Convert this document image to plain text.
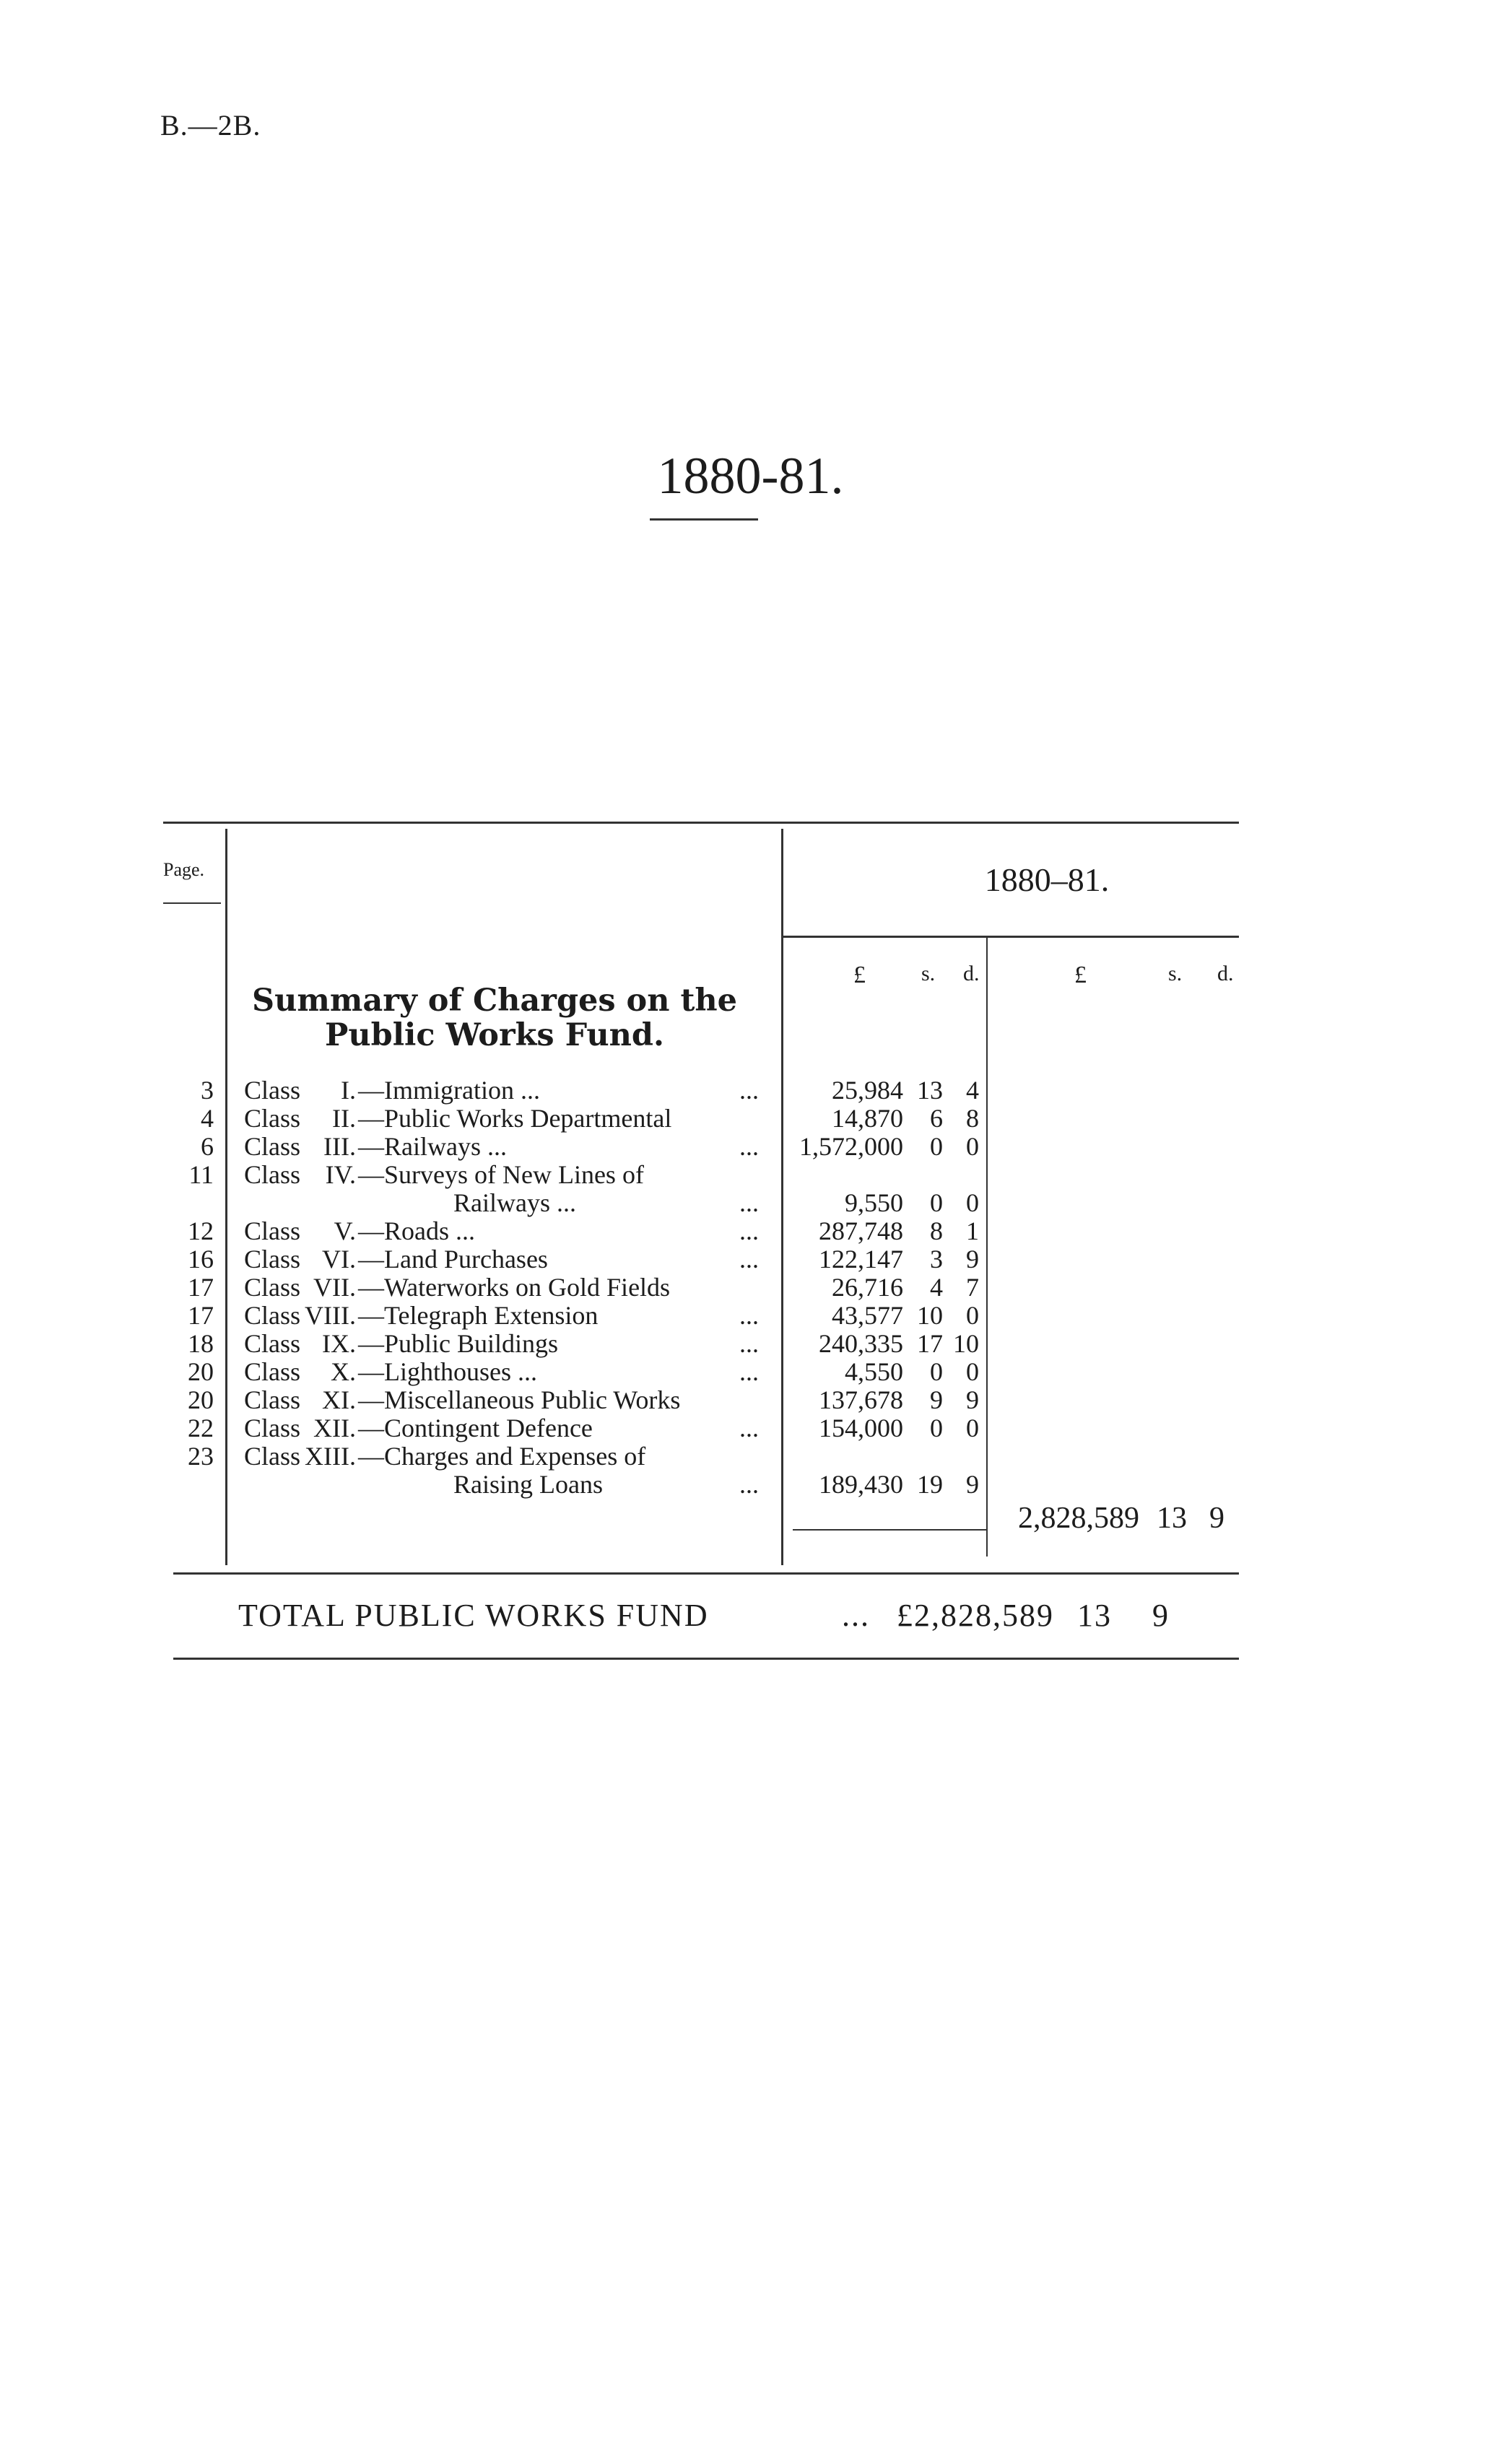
B.—2B.
1880-81.
Page.	1880–81.
£	s. d.	£	s. d.
Summary of Charges on the
Public Works Fund.
3 Class	I. —Immigration ...	...	25,984 13 4
4 Class	II. —Public Works Departmental	14,870	6 8
6 Class III. —Railways ...	...	1,572,000	0 0
11 Class IV. —Surveys of New Lines of
Railways ...	...	9,550	0 0
12 Class	V. —Roads ...	...	287,748	8 1
16 Class VI. —Land Purchases	...	122,147	3 9
17 Class VII. —Waterworks on Gold Fields	26,716	4 7
17 Class VIII. —Telegraph Extension	...	43,577 10 0
18 Class IX. —Public Buildings	...	240,335 17 10
20 Class	X. —Lighthouses ...	...	4,550	0 0
20 Class XI. —Miscellaneous Public Works	137,678	9 9
22 Class XII. —Contingent Defence	...	154,000	0 0
23 Class XIII. —Charges and Expenses of
Raising Loans	...	189,430 19 9
2,828,589 13 9
TOTAL PUBLIC WORKS FUND	... £2,828,589 13 9
